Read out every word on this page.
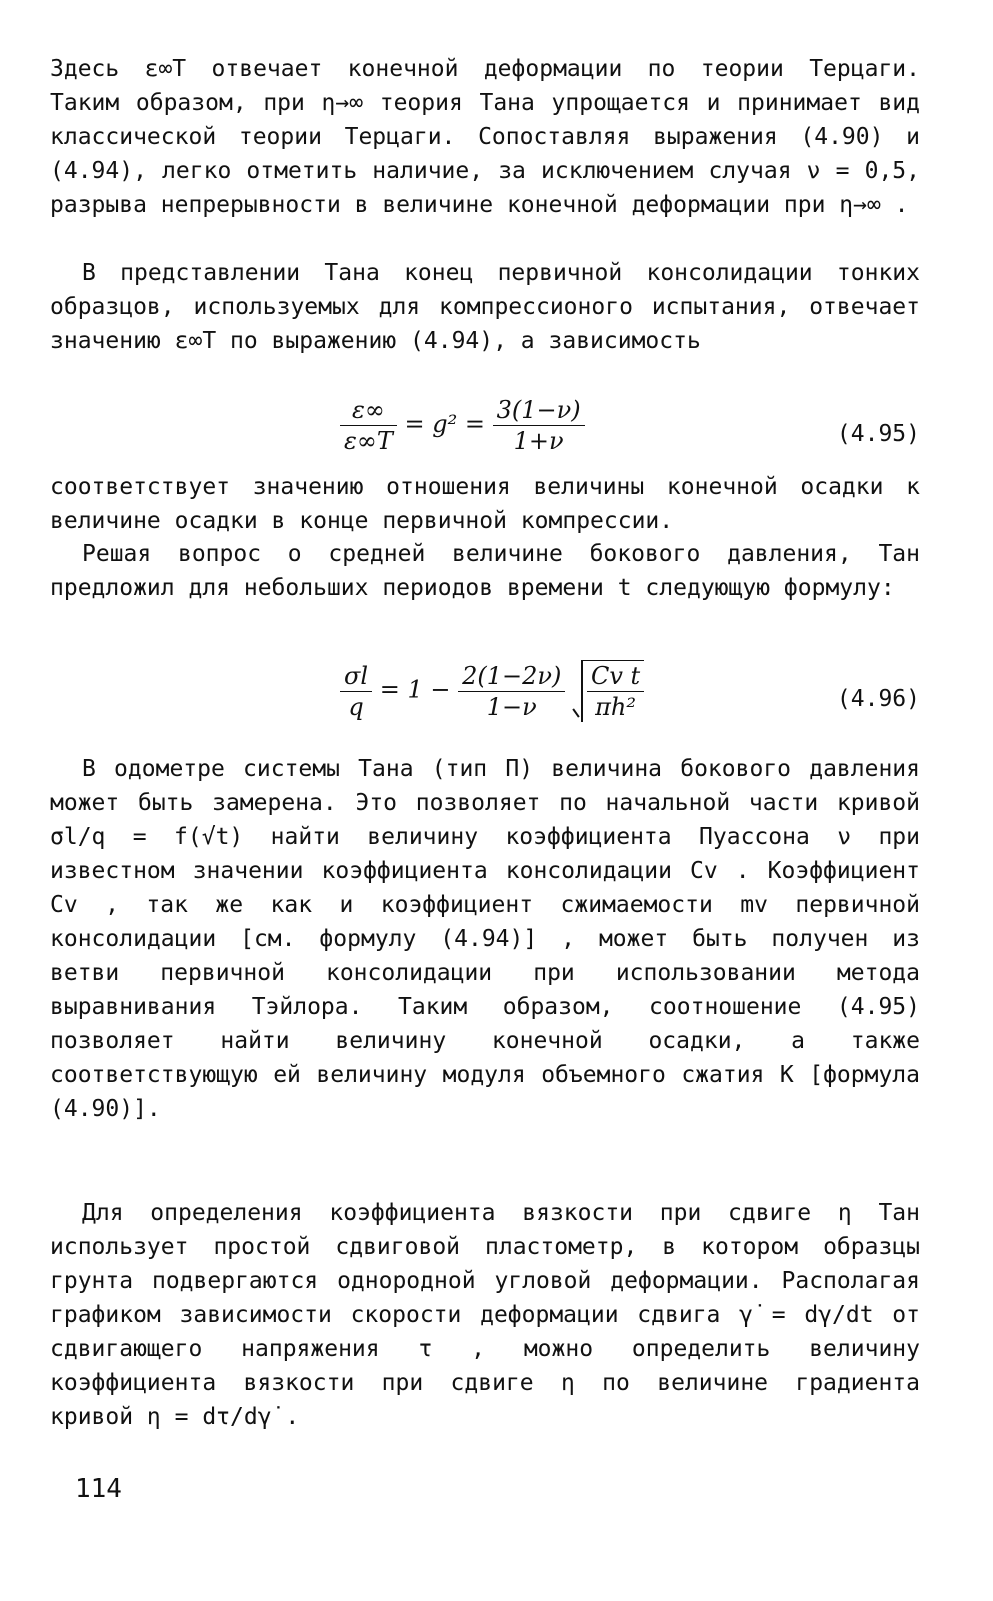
Здесь ε∞T отвечает конечной деформации по теории Терцаги. Таким образом, при η→∞ теория Тана упрощается и принимает вид классической теории Терцаги. Сопоставляя выражения (4.90) и (4.94), легко отметить наличие, за исключением случая ν = 0,5, разрыва непрерывности в величине конечной деформации при η→∞ .

В представлении Тана конец первичной консолидации тонких образцов, используемых для компрессионого испытания, отвечает значению ε∞T по выражению (4.94), а зависимость

$\frac{\varepsilon\infty}{\varepsilon\infty T} = g^2 = \frac{3(1-\nu)}{1+\nu}$	(4.95)

соответствует значению отношения величины конечной осадки к величине осадки в конце первичной компрессии.

Решая вопрос о средней величине бокового давления, Тан предложил для небольших периодов времени t следующую формулу:

$\frac{\sigma l}{q} = 1 - \frac{2(1-2\nu)}{1-\nu}$
$\frac{\text{Cv t}}{\text{πh²}}$	(4.96)

В одометре системы Тана (тип П) величина бокового давления может быть замерена. Это позволяет по начальной части кривой σl/q = f(√t) найти величину коэффициента Пуассона ν при известном значении коэффициента консолидации Cv . Коэффициент Cv , так же как и коэффициент сжимаемости mv первичной консолидации [см. формулу (4.94)] , может быть получен из ветви первичной консолидации при использовании метода выравнивания Тэйлора. Таким образом, соотношение (4.95) позволяет найти величину конечной осадки, а также соответствующую ей величину модуля объемного сжатия K [формула (4.90)].

Для определения коэффициента вязкости при сдвиге η Тан использует простой сдвиговой пластометр, в котором образцы грунта подвергаются однородной угловой деформации. Располагая графиком зависимости скорости деформации сдвига γ̇ = dγ/dt от сдвигающего напряжения τ , можно определить величину коэффициента вязкости при сдвиге η по величине градиента кривой η = dτ/dγ̇ .

114
